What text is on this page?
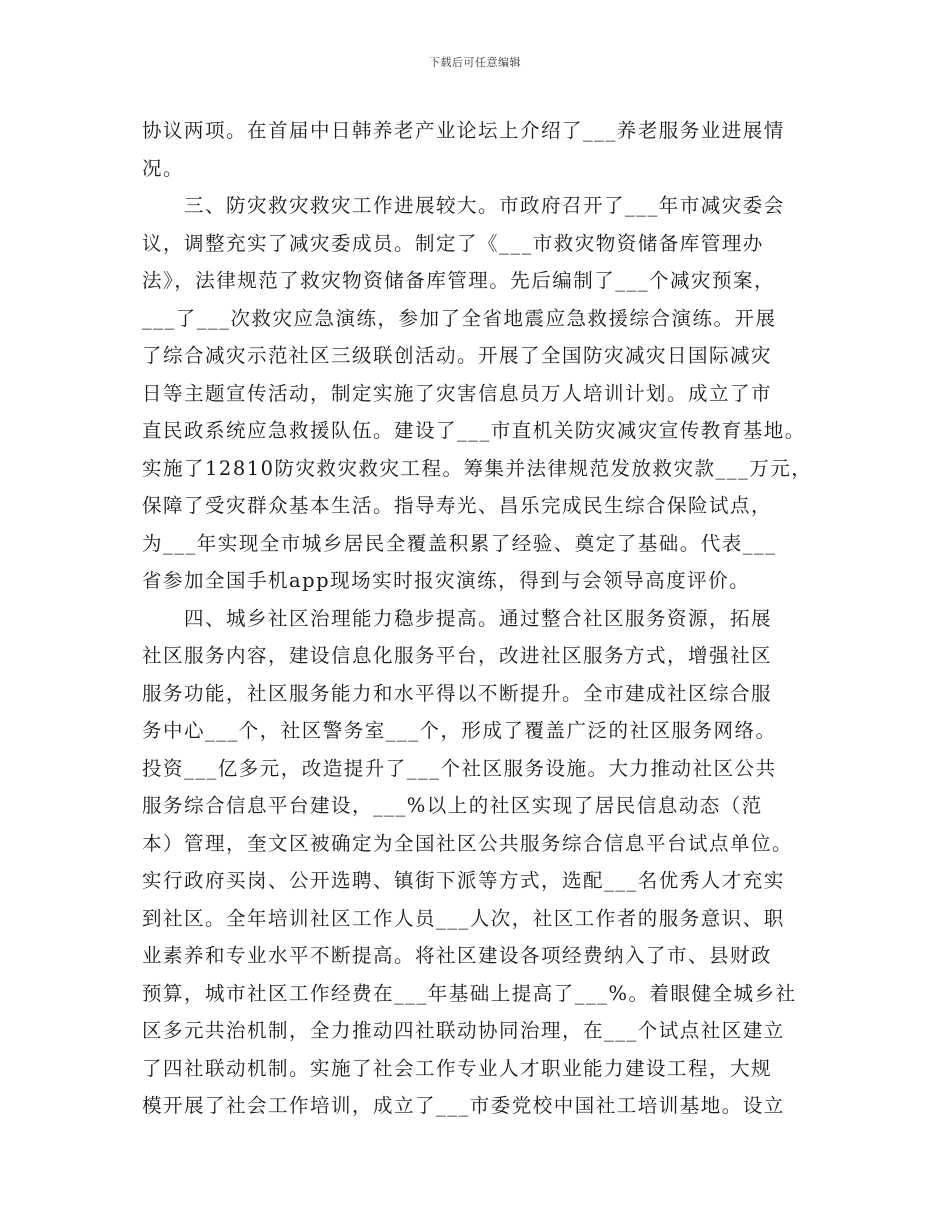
下载后可任意编辑
协议两项。在首届中日韩养老产业论坛上介绍了___养老服务业进展情
况。
　　三、防灾救灾救灾工作进展较大。市政府召开了___年市减灾委会
议，调整充实了减灾委成员。制定了《___市救灾物资储备库管理办
法》，法律规范了救灾物资储备库管理。先后编制了___个减灾预案，
___了___次救灾应急演练，参加了全省地震应急救援综合演练。开展
了综合减灾示范社区三级联创活动。开展了全国防灾减灾日国际减灾
日等主题宣传活动，制定实施了灾害信息员万人培训计划。成立了市
直民政系统应急救援队伍。建设了___市直机关防灾减灾宣传教育基地。
实施了12810防灾救灾救灾工程。筹集并法律规范发放救灾款___万元，
保障了受灾群众基本生活。指导寿光、昌乐完成民生综合保险试点，
为___年实现全市城乡居民全覆盖积累了经验、奠定了基础。代表___
省参加全国手机app现场实时报灾演练，得到与会领导高度评价。
　　四、城乡社区治理能力稳步提高。通过整合社区服务资源，拓展
社区服务内容，建设信息化服务平台，改进社区服务方式，增强社区
服务功能，社区服务能力和水平得以不断提升。全市建成社区综合服
务中心___个，社区警务室___个，形成了覆盖广泛的社区服务网络。
投资___亿多元，改造提升了___个社区服务设施。大力推动社区公共
服务综合信息平台建设，___%以上的社区实现了居民信息动态（范
本）管理，奎文区被确定为全国社区公共服务综合信息平台试点单位。
实行政府买岗、公开选聘、镇街下派等方式，选配___名优秀人才充实
到社区。全年培训社区工作人员___人次，社区工作者的服务意识、职
业素养和专业水平不断提高。将社区建设各项经费纳入了市、县财政
预算，城市社区工作经费在___年基础上提高了___%。着眼健全城乡社
区多元共治机制，全力推动四社联动协同治理，在___个试点社区建立
了四社联动机制。实施了社会工作专业人才职业能力建设工程，大规
模开展了社会工作培训，成立了___市委党校中国社工培训基地。设立
